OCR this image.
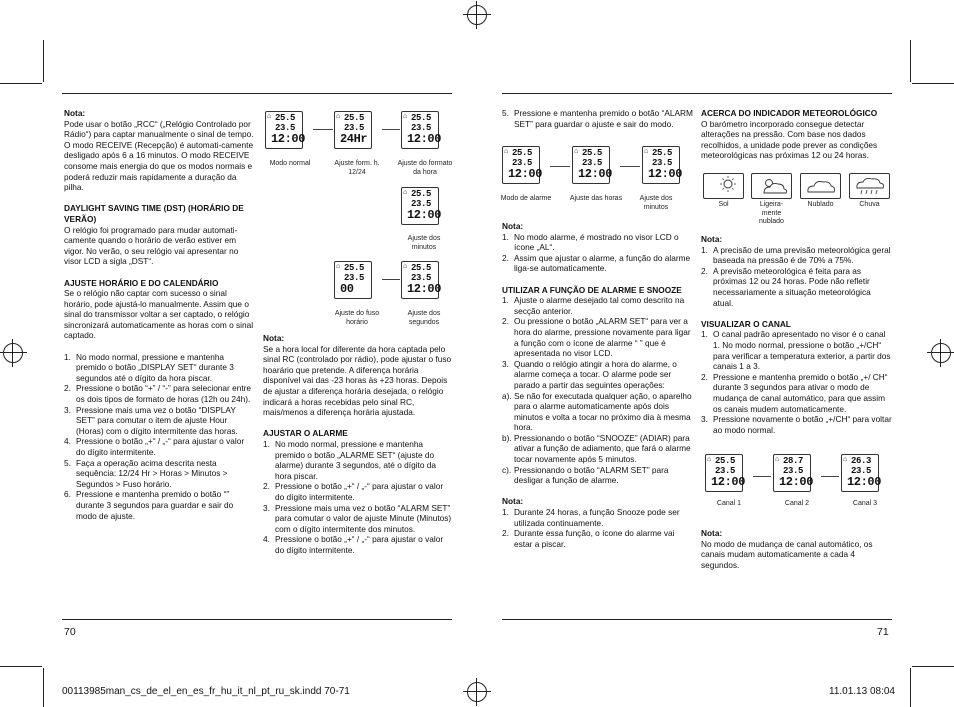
Nota:

Pode usar o botão „RCC“ („Relógio Controlado por Rádio“) para captar manualmente o sinal de tempo. O modo RECEIVE (Recepção) é automati-camente desligado após 6 a 16 minutos. O modo RECEIVE consome mais energia do que os modos normais e poderá reduzir mais rapidamente a duração da pilha.

DAYLIGHT SAVING TIME (DST) (HORÁRIO DE VERÃO)

O relógio foi programado para mudar automati-camente quando o horário de verão estiver em vigor. No verão, o seu relógio vai apresentar no visor LCD a sigla „DST“.

AJUSTE HORÁRIO E DO CALENDÁRIO

Se o relógio não captar com sucesso o sinal horário, pode ajustá-lo manualmente. Assim que o sinal do transmissor voltar a ser captado, o relógio sincronizará automaticamente as horas com o sinal captado.

1. No modo normal, pressione e mantenha premido o botão „DISPLAY SET“ durante 3 segundos até o dígito da hora piscar.
2. Pressione o botão “+” / “-” para selecionar entre os dois tipos de formato de horas (12h ou 24h).
3. Pressione mais uma vez o botão “DISPLAY SET” para comutar o item de ajuste Hour (Horas) com o dígito intermitente das horas.
4. Pressione o botão „+“ / „-“ para ajustar o valor do dígito intermitente.
5. Faça a operação acima descrita nesta sequência: 12/24 Hr > Horas > Minutos > Segundos > Fuso horário.
6. Pressione e mantenha premido o botão “” durante 3 segundos para guardar e sair do modo de ajuste.
⌂ 25.5
23.5
12:00
⌂ 25.5
23.5
24Hr
⌂ 25.5
23.5
12:00
Modo normal	Ajuste form. h. 12/24
Ajuste do formato da hora
⌂ 25.5
23.5
12:00
Ajuste dos minutos
⌂ 25.5
23.5
00
⌂ 25.5
23.5
12:00
Ajuste do fuso horário
Ajuste dos segundos

Nota:

Se a hora local for diferente da hora captada pelo sinal RC (controlado por rádio), pode ajustar o fuso hoarário que pretende. A diferença horária disponível vai das -23 horas às +23 horas. Depois de ajustar a diferença horária desejada, o relógio indicará a horas recebidas pelo sinal RC, mais/menos a diferença horária ajustada.

AJUSTAR O ALARME

1. No modo normal, pressione e mantenha premido o botão „ALARME SET“ (ajuste do alarme) durante 3 segundos, até o dígito da hora piscar.
2. Pressione o botão „+“ / „-“ para ajustar o valor do dígito intermitente.
3. Pressione mais uma vez o botão “ALARM SET” para comutar o valor de ajuste Minute (Minutos) com o dígito intermitente dos minutos.
4. Pressione o botão „+“ / „-“ para ajustar o valor do dígito intermitente.
70
5. Pressione e mantenha premido o botão “ALARM SET” para guardar o ajuste e sair do modo.
⌂ 25.5
23.5
12:00
⌂ 25.5
23.5
12:00
⌂ 25.5
23.5
12:00
Modo de alarme	Ajuste das horas	Ajuste dos minutos

Nota:

1. No modo alarme, é mostrado no visor LCD o ícone „AL“.
2. Assim que ajustar o alarme, a função do alarme liga-se automaticamente.

UTILIZAR A FUNÇÃO DE ALARME E SNOOZE

1. Ajuste o alarme desejado tal como descrito na secção anterior.
2. Ou pressione o botão „ALARM SET“ para ver a hora do alarme, pressione novamente para ligar a função com o ícone de alarme “ ” que é apresentada no visor LCD.
3. Quando o relógio atingir a hora do alarme, o alarme começa a tocar. O alarme pode ser parado a partir das seguintes operações:
a). Se não for executada qualquer ação, o aparelho para o alarme automaticamente após dois minutos e volta a tocar no próximo dia à mesma hora.
b). Pressionando o botão “SNOOZE” (ADIAR) para ativar a função de adiamento, que fará o alarme tocar novamente após 5 minutos.
c). Pressionando o botão “ALARM SET” para desligar a função de alarme.

Nota:

1. Durante 24 horas, a função Snooze pode ser utilizada continuamente.
2. Durante essa função, o ícone do alarme vai estar a piscar.

ACERCA DO INDICADOR METEOROLÓGICO

O barómetro incorporado consegue detectar alterações na pressão. Com base nos dados recolhidos, a unidade pode prever as condições meteorológicas nas próximas 12 ou 24 horas.

Sol	Ligeira-mente nublado
Nublado	Chuva

Nota:

1. A precisão de uma previsão meteorológica geral baseada na pressão é de 70% a 75%.
2. A previsão meteorológica é feita para as próximas 12 ou 24 horas. Pode não refletir necessariamente a situação meteorológica atual.

VISUALIZAR O CANAL

1. O canal padrão apresentado no visor é o canal 1. No modo normal, pressione o botão „+/CH“ para verificar a temperatura exterior, a partir dos canais 1 a 3.
2. Pressione e mantenha premido o botão „+/ CH“ durante 3 segundos para ativar o modo de mudança de canal automático, para que assim os canais mudem automaticamente.
3. Pressione novamente o botão „+/CH“ para voltar ao modo normal.
⌂ 25.5
23.5
12:00
⌂ 28.7
23.5
12:00
⌂ 26.3
23.5
12:00
Canal 1	Canal 2	Canal 3

Nota:

No modo de mudança de canal automático, os canais mudam automaticamente a cada 4 segundos.

71
00113985man_cs_de_el_en_es_fr_hu_it_nl_pt_ru_sk.indd 70-71	11.01.13 08:04
